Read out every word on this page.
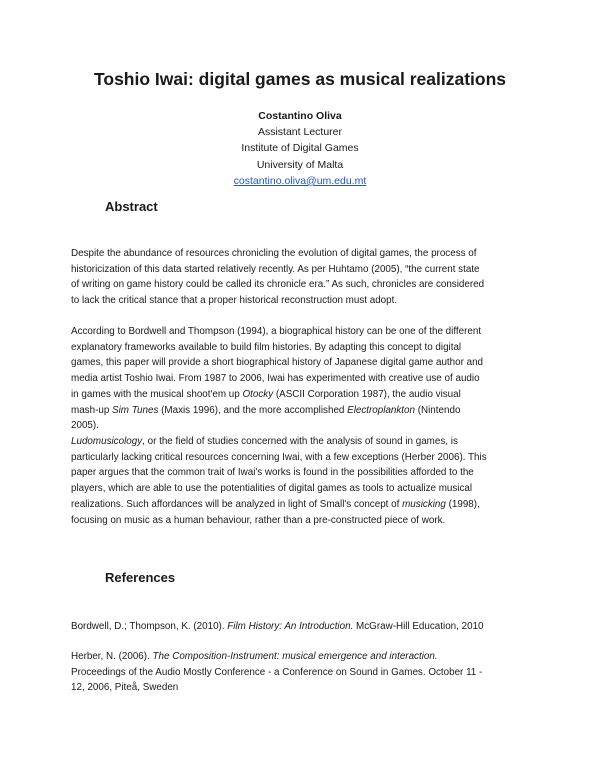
Toshio Iwai: digital games as musical realizations
Costantino Oliva
Assistant Lecturer
Institute of Digital Games
University of Malta
costantino.oliva@um.edu.mt
Abstract

Despite the abundance of resources chronicling the evolution of digital games, the process of
historicization of this data started relatively recently. As per Huhtamo (2005), “the current state
of writing on game history could be called its chronicle era.” As such, chronicles are considered
to lack the critical stance that a proper historical reconstruction must adopt.

According to Bordwell and Thompson (1994), a biographical history can be one of the different
explanatory frameworks available to build film histories. By adapting this concept to digital
games, this paper will provide a short biographical history of Japanese digital game author and
media artist Toshio Iwai. From 1987 to 2006, Iwai has experimented with creative use of audio
in games with the musical shoot'em up Otocky (ASCII Corporation 1987), the audio visual
mash-up Sim Tunes (Maxis 1996), and the more accomplished Electroplankton (Nintendo
2005).

Ludomusicology, or the field of studies concerned with the analysis of sound in games, is
particularly lacking critical resources concerning Iwai, with a few exceptions (Herber 2006). This
paper argues that the common trait of Iwai's works is found in the possibilities afforded to the
players, which are able to use the potentialities of digital games as tools to actualize musical
realizations. Such affordances will be analyzed in light of Small's concept of musicking (1998),
focusing on music as a human behaviour, rather than a pre-constructed piece of work.

References

Bordwell, D.; Thompson, K. (2010). Film History: An Introduction. McGraw-Hill Education, 2010

Herber, N. (2006). The Composition-Instrument: musical emergence and interaction.
Proceedings of the Audio Mostly Conference - a Conference on Sound in Games. October 11 -
12, 2006, Piteå, Sweden
